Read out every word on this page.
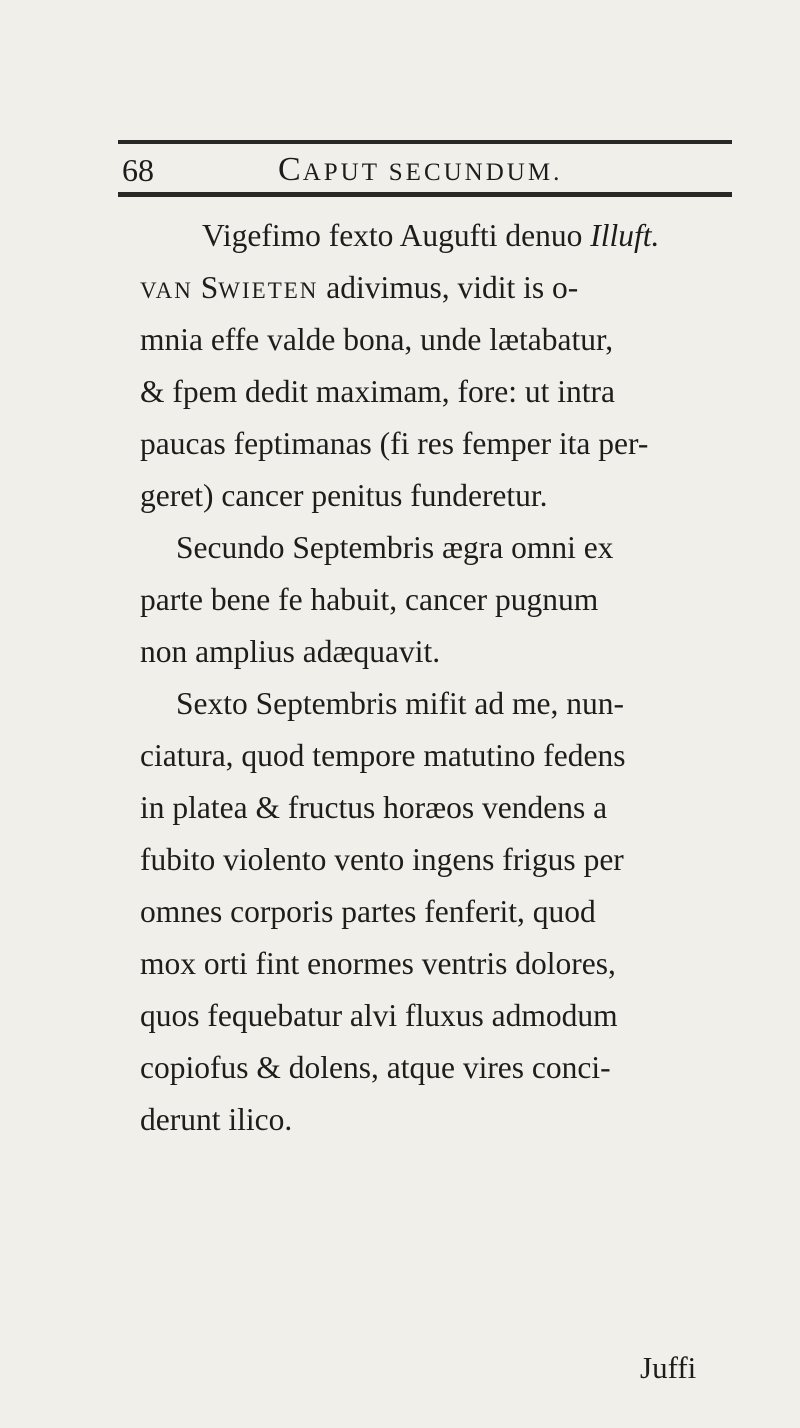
68	CAPUT SECUNDUM.
Vigefimo fexto Augufti denuo Illuft.
VAN SWIETEN adivimus, vidit is o-
mnia effe valde bona, unde lætabatur,
& fpem dedit maximam, fore: ut intra
paucas feptimanas (fi res femper ita per-
geret) cancer penitus funderetur.
Secundo Septembris ægra omni ex
parte bene fe habuit, cancer pugnum
non amplius adæquavit.
Sexto Septembris mifit ad me, nun-
ciatura, quod tempore matutino fedens
in platea & fructus horæos vendens a
fubito violento vento ingens frigus per
omnes corporis partes fenferit, quod
mox orti fint enormes ventris dolores,
quos fequebatur alvi fluxus admodum
copiofus & dolens, atque vires conci-
derunt ilico.
Juffi
